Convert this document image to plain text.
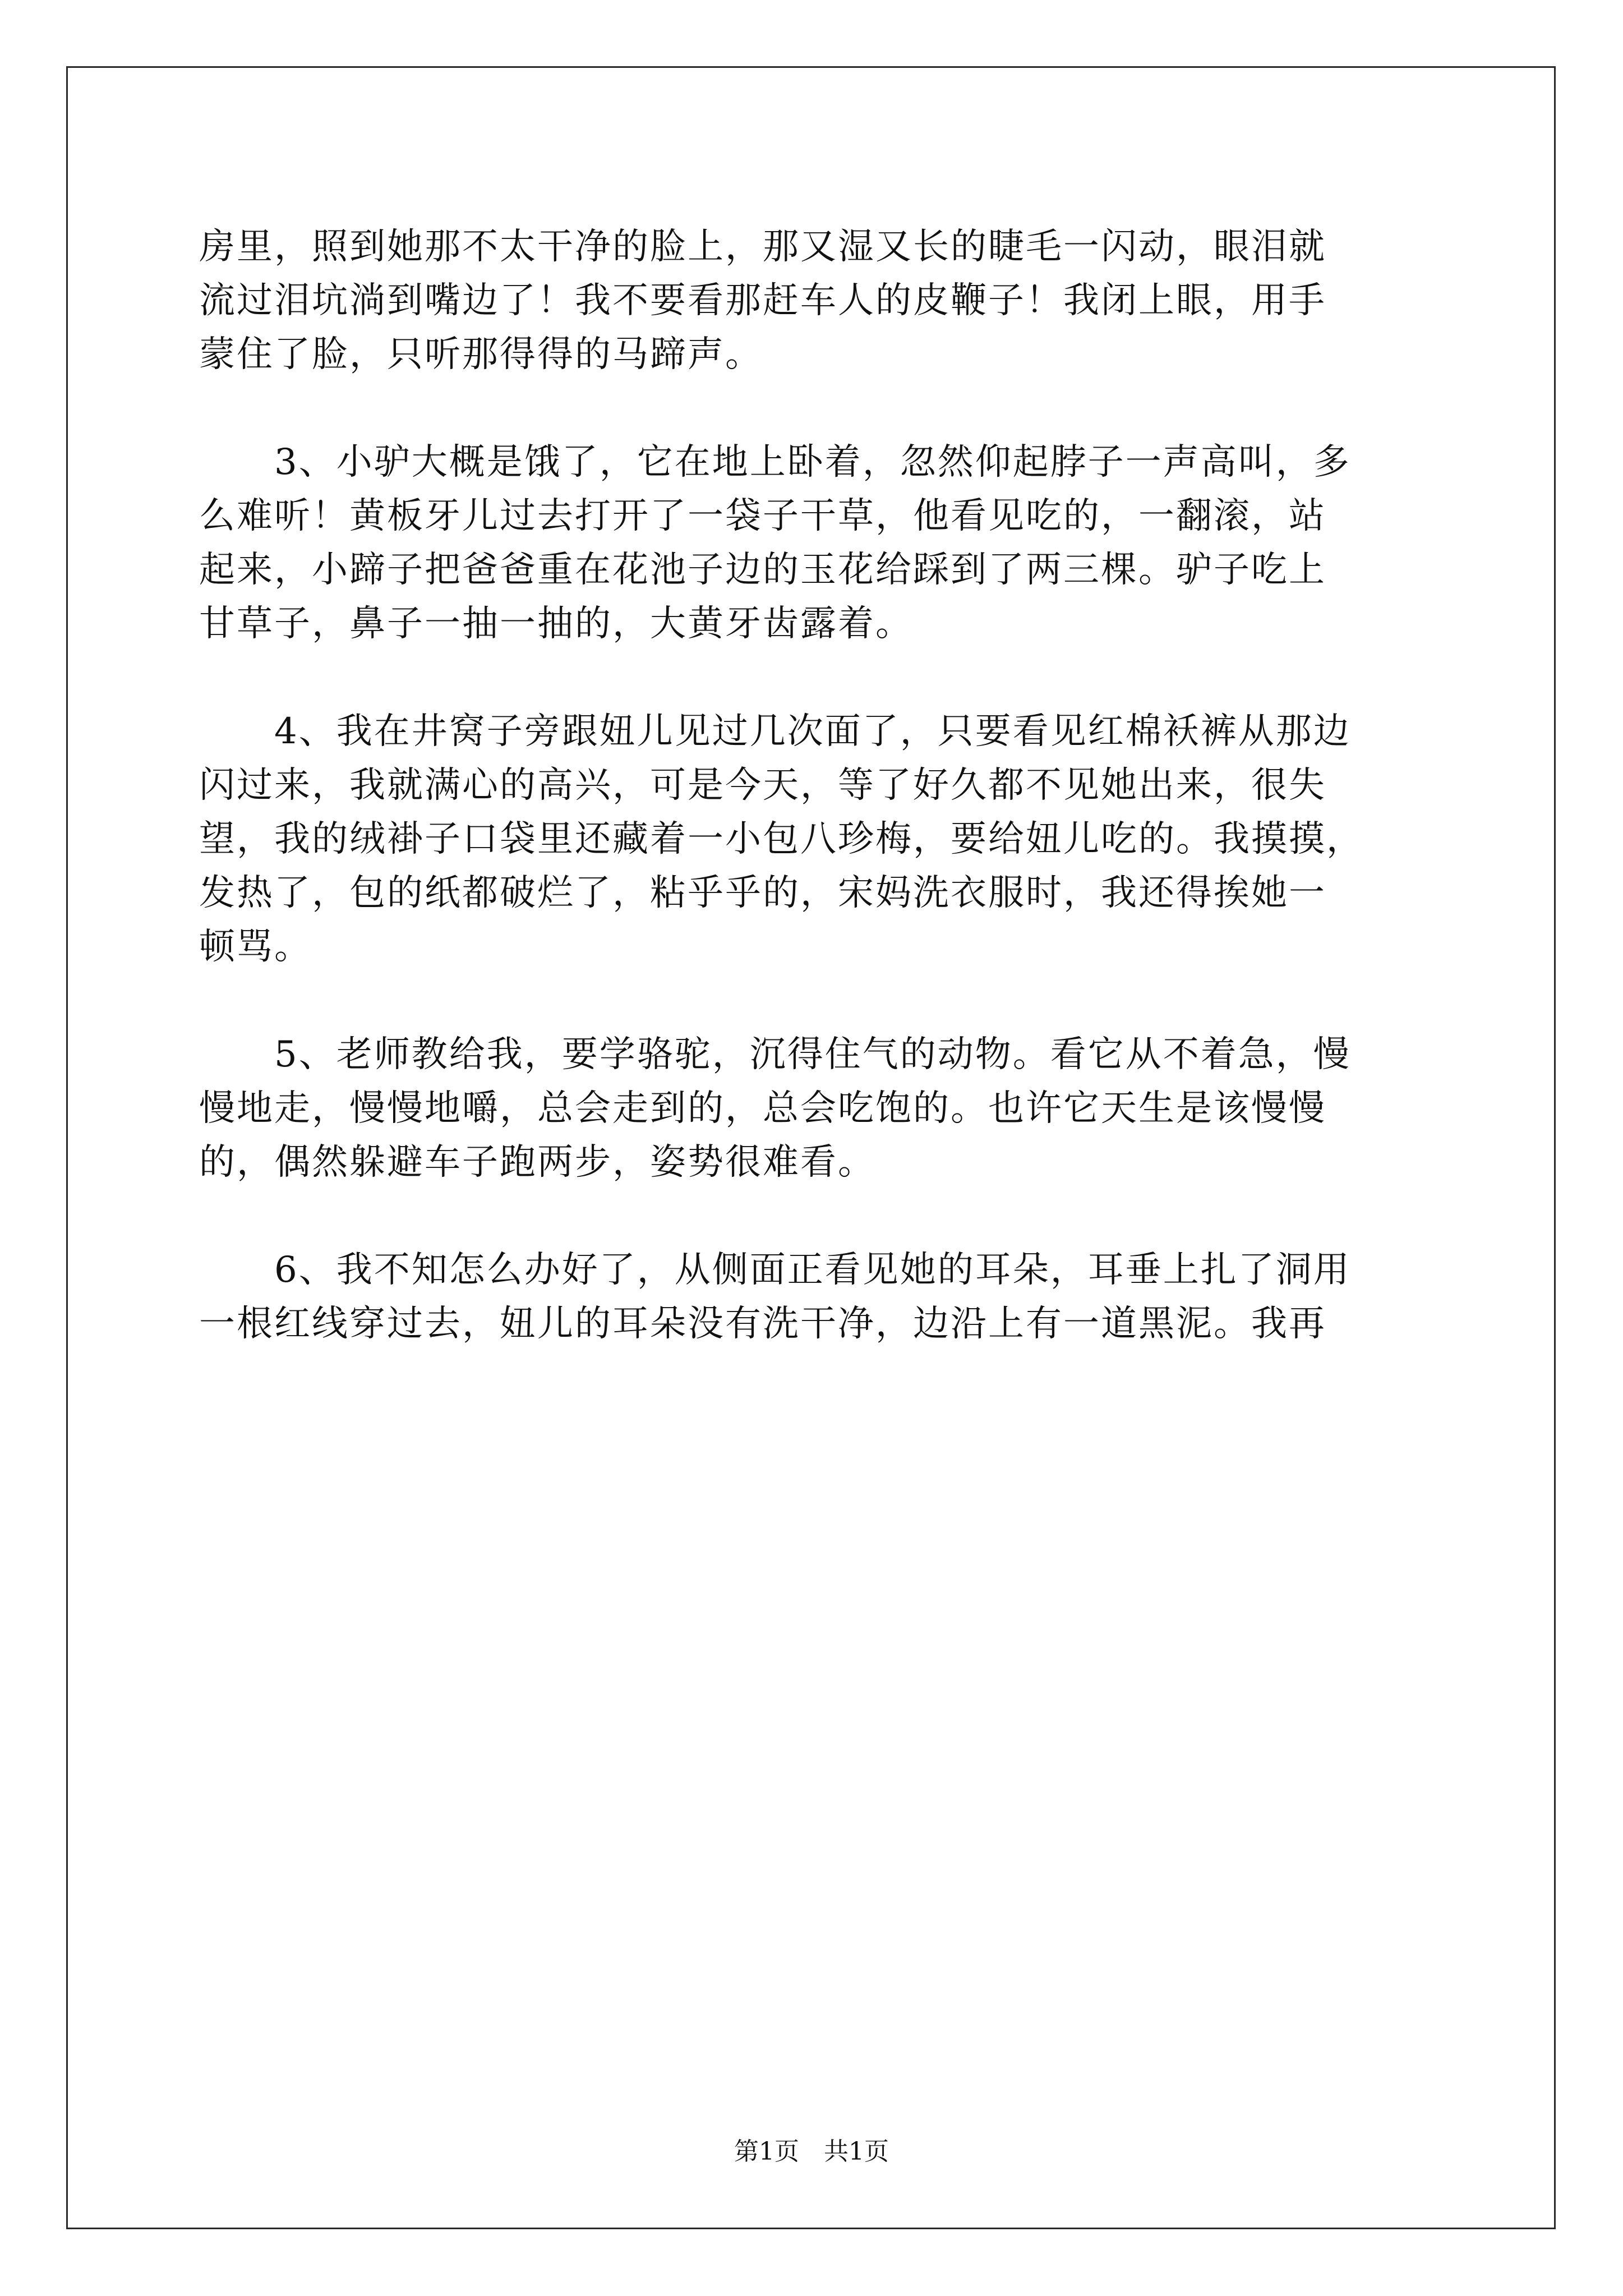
房里，照到她那不太干净的脸上，那又湿又长的睫毛一闪动，眼泪就
流过泪坑淌到嘴边了！我不要看那赶车人的皮鞭子！我闭上眼，用手
蒙住了脸，只听那得得的马蹄声。
　　3、小驴大概是饿了，它在地上卧着，忽然仰起脖子一声高叫，多
么难听！黄板牙儿过去打开了一袋子干草，他看见吃的，一翻滚，站
起来，小蹄子把爸爸重在花池子边的玉花给踩到了两三棵。驴子吃上
甘草子，鼻子一抽一抽的，大黄牙齿露着。
　　4、我在井窝子旁跟妞儿见过几次面了，只要看见红棉袄裤从那边
闪过来，我就满心的高兴，可是今天，等了好久都不见她出来，很失
望，我的绒褂子口袋里还藏着一小包八珍梅，要给妞儿吃的。我摸摸，
发热了，包的纸都破烂了，粘乎乎的，宋妈洗衣服时，我还得挨她一
顿骂。
　　5、老师教给我，要学骆驼，沉得住气的动物。看它从不着急，慢
慢地走，慢慢地嚼，总会走到的，总会吃饱的。也许它天生是该慢慢
的，偶然躲避车子跑两步，姿势很难看。
　　6、我不知怎么办好了，从侧面正看见她的耳朵，耳垂上扎了洞用
一根红线穿过去，妞儿的耳朵没有洗干净，边沿上有一道黑泥。我再
第1页　共1页
